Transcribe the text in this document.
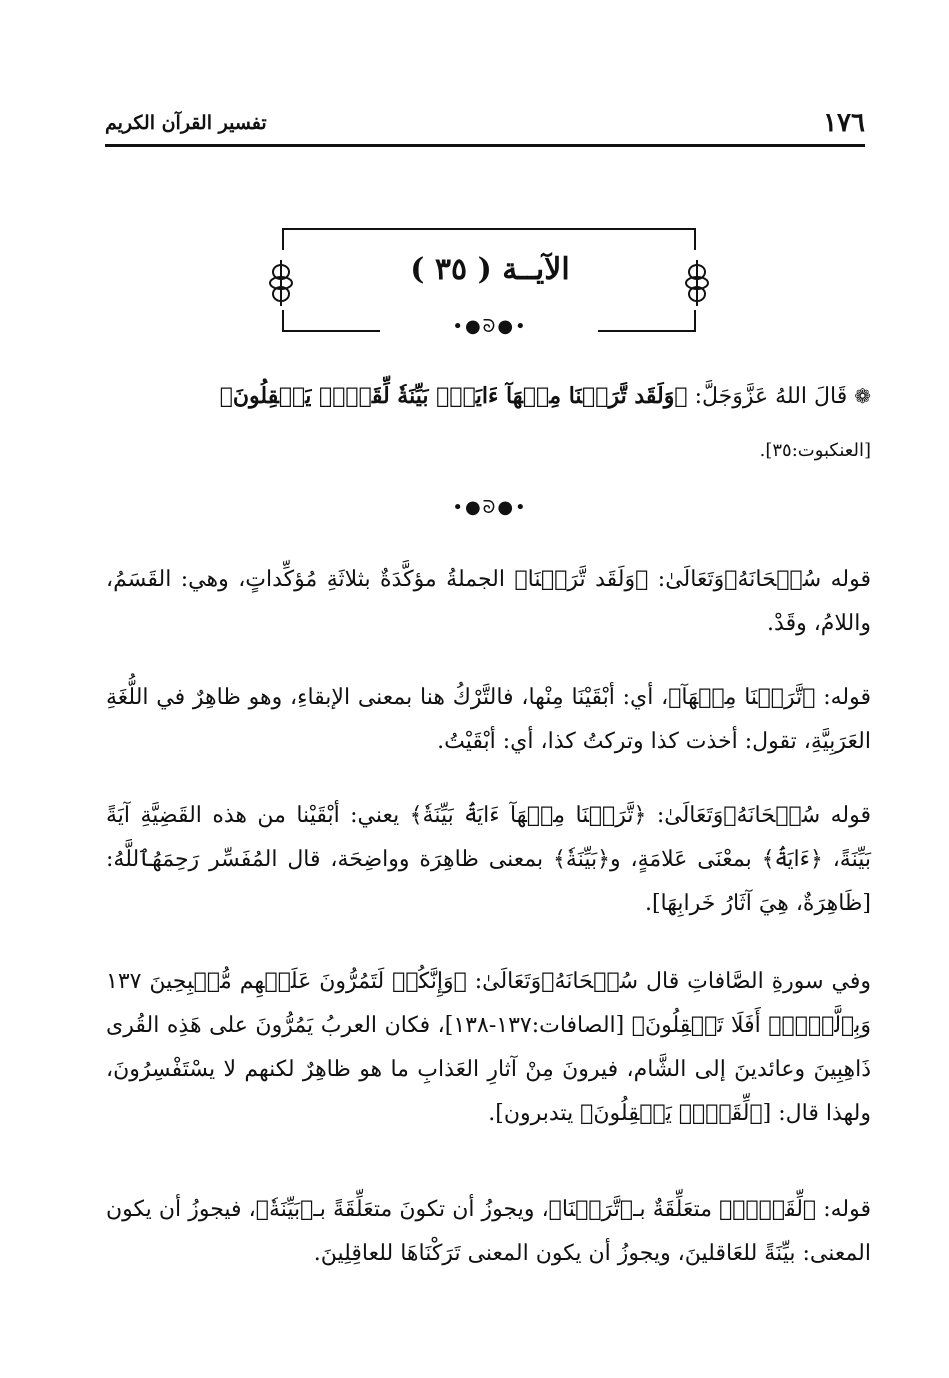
١٧٦
تفسير القرآن الكريم
الآيــة ( ٣٥ )
•●ᘐ●•
❁ قَالَ اللهُ عَزَّوَجَلَّ: ﴿وَلَقَد تَّرَكۡنَا مِنۡهَآ ءَايَةَۢ بَيِّنَةٗ لِّقَوۡمٖ يَعۡقِلُونَ﴾
[العنكبوت:٣٥].
•●ᘐ●•
قوله سُبۡحَانَهُۥوَتَعَالَىٰ: ﴿وَلَقَد تَّرَكۡنَا﴾ الجملةُ مؤكَّدَةٌ بثلاثَةِ مُؤكِّداتٍ، وهي: القَسَمُ، واللامُ، وقَدْ.
قوله: ﴿تَّرَكۡنَا مِنۡهَآ﴾، أي: أبْقَيْنَا مِنْها، فالتَّرْكُ هنا بمعنى الإبقاءِ، وهو ظاهِرٌ في اللُّغَةِ العَرَبِيَّةِ، تقول: أخذت كذا وتركتُ كذا، أي: أبْقَيْتُ.
قوله سُبۡحَانَهُۥوَتَعَالَىٰ: ﴿تَّرَكۡنَا مِنۡهَآ ءَايَةَۢ بَيِّنَةٗ﴾ يعني: أبْقَيْنا من هذه القَضِيَّةِ آيَةً بَيِّنَةً، ﴿ءَايَةَۢ﴾ بمعْنَى عَلامَةٍ، و﴿بَيِّنَةٗ﴾ بمعنى ظاهِرَة وواضِحَة، قال المُفَسِّر رَحِمَهُٱللَّهُ: [ظَاهِرَةٌ، هِيَ آثَارُ خَرابِهَا].
وفي سورةِ الصَّافاتِ قال سُبۡحَانَهُۥوَتَعَالَىٰ: ﴿وَإِنَّكُمۡ لَتَمُرُّونَ عَلَيۡهِم مُّصۡبِحِينَ ١٣٧ وَبِٱلَّيۡلِۚ أَفَلَا تَعۡقِلُونَ﴾ [الصافات:١٣٧-١٣٨]، فكان العربُ يَمُرُّونَ على هَذِه القُرى ذَاهِبِينَ وعائدينَ إلى الشَّام، فيرونَ مِنْ آثارِ العَذابِ ما هو ظاهِرٌ لكنهم لا يسْتَفْسِرُونَ، ولهذا قال: [﴿لِّقَوۡمٖ يَعۡقِلُونَ﴾ يتدبرون].
قوله: ﴿لِّقَوۡمٖ﴾ متعَلِّقَةٌ بـ﴿تَّرَكۡنَا﴾، ويجوزُ أن تكونَ متعَلِّقَةً بـ﴿بَيِّنَةٗ﴾، فيجوزُ أن يكون المعنى: بيِّنَةً للعَاقلينَ، ويجوزُ أن يكون المعنى تَرَكْنَاهَا للعاقِلِينَ.
